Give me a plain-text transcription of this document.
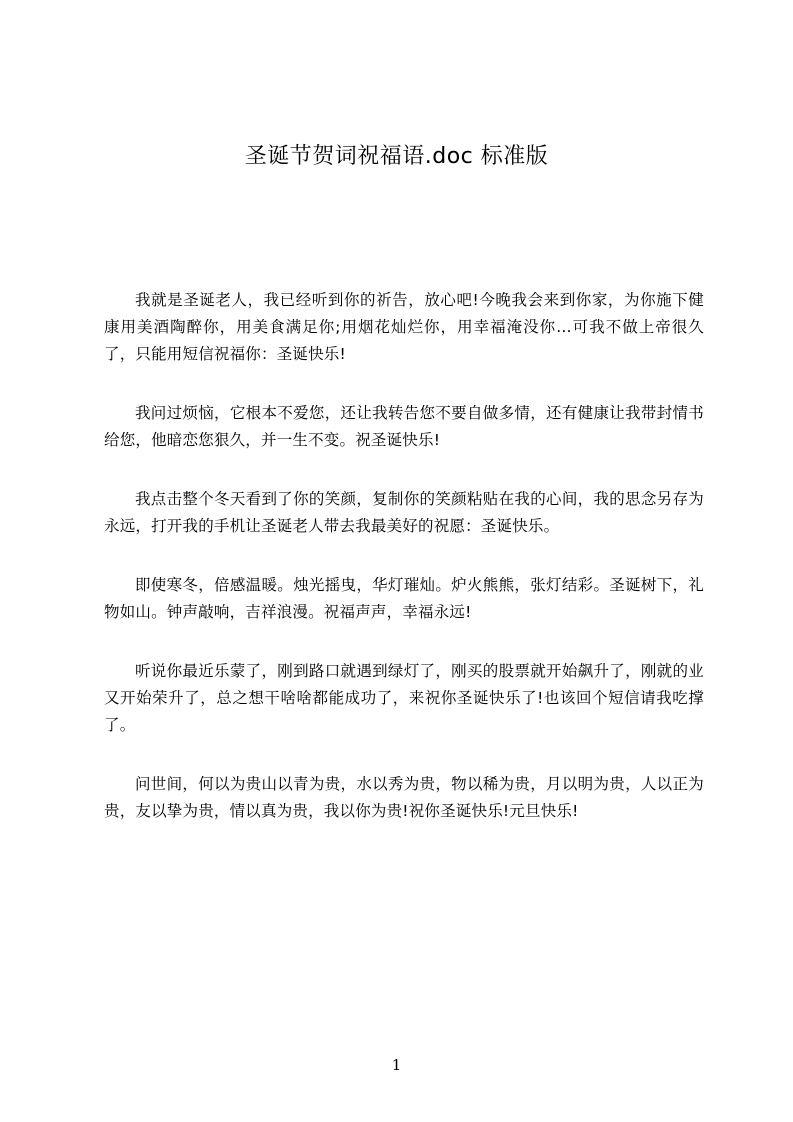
圣诞节贺词祝福语.doc 标准版

我就是圣诞老人，我已经听到你的祈告，放心吧!今晚我会来到你家，为你施下健康用美酒陶醉你，用美食满足你;用烟花灿烂你，用幸福淹没你…可我不做上帝很久了，只能用短信祝福你：圣诞快乐!

我问过烦恼，它根本不爱您，还让我转告您不要自做多情，还有健康让我带封情书给您，他暗恋您狠久，并一生不变。祝圣诞快乐!

我点击整个冬天看到了你的笑颜，复制你的笑颜粘贴在我的心间，我的思念另存为永远，打开我的手机让圣诞老人带去我最美好的祝愿：圣诞快乐。

即使寒冬，倍感温暖。烛光摇曳，华灯璀灿。炉火熊熊，张灯结彩。圣诞树下，礼物如山。钟声敲响，吉祥浪漫。祝福声声，幸福永远!

听说你最近乐蒙了，刚到路口就遇到绿灯了，刚买的股票就开始飙升了，刚就的业又开始荣升了，总之想干啥啥都能成功了，来祝你圣诞快乐了!也该回个短信请我吃撑了。

问世间，何以为贵山以青为贵，水以秀为贵，物以稀为贵，月以明为贵，人以正为贵，友以挚为贵，情以真为贵，我以你为贵!祝你圣诞快乐!元旦快乐!

1
